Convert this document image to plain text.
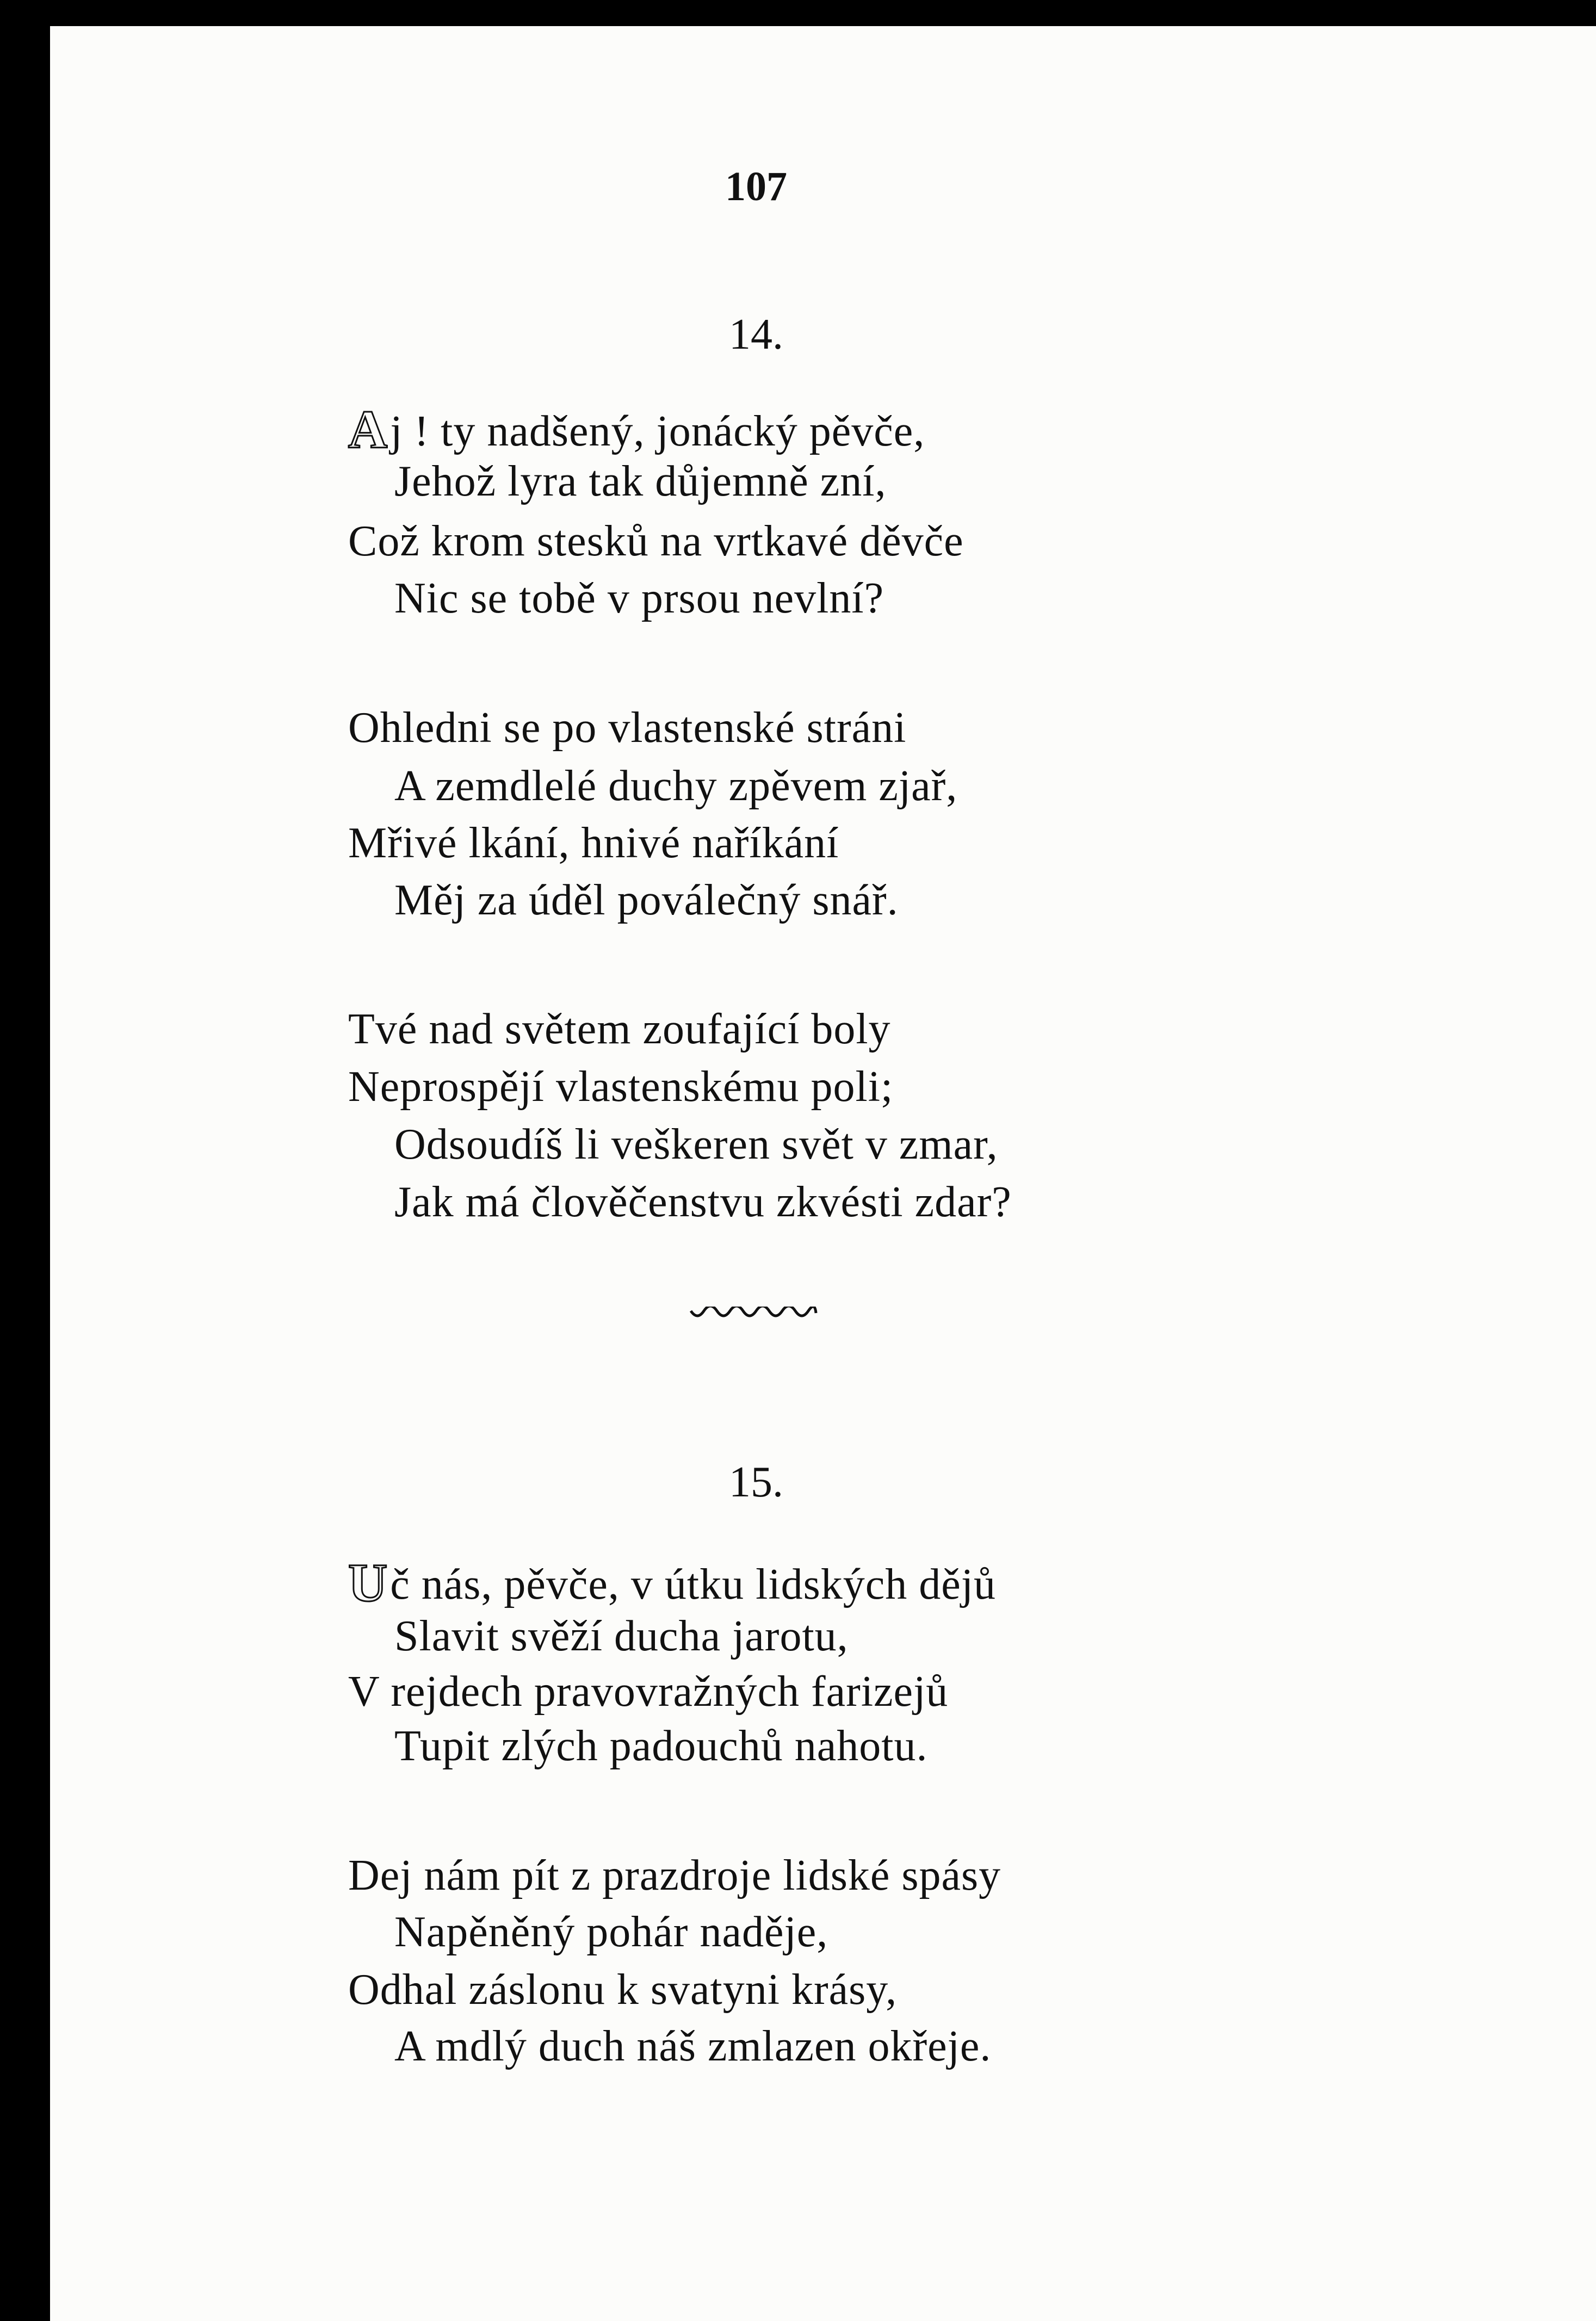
107
14.
Aj ! ty nadšený, jonácký pěvče,
Jehož lyra tak důjemně zní,
Což krom stesků na vrtkavé děvče
Nic se tobě v prsou nevlní?
Ohledni se po vlastenské stráni
A zemdlelé duchy zpěvem zjař,
Mřivé lkání, hnivé naříkání
Měj za úděl poválečný snář.
Tvé nad světem zoufající boly
Neprospějí vlastenskému poli;
Odsoudíš li veškeren svět v zmar,
Jak má člověčenstvu zkvésti zdar?
15.
Uč nás, pěvče, v útku lidských dějů
Slavit svěží ducha jarotu,
V rejdech pravovražných farizejů
Tupit zlých padouchů nahotu.
Dej nám pít z prazdroje lidské spásy
Napěněný pohár naděje,
Odhal záslonu k svatyni krásy,
A mdlý duch náš zmlazen okřeje.
